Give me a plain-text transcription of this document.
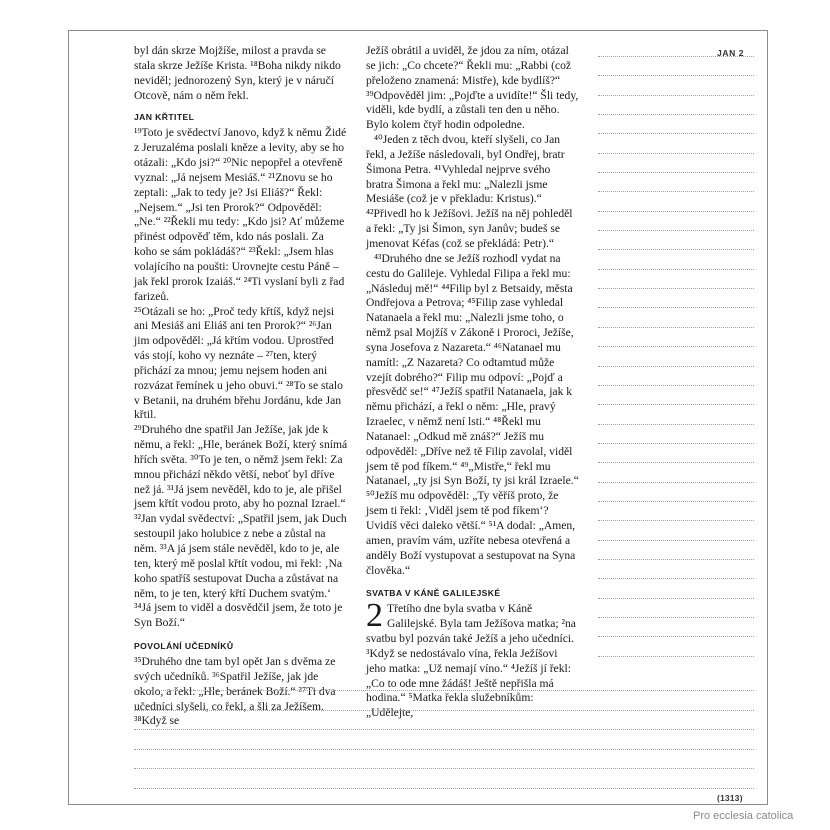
JAN 2

byl dán skrze Mojžíše, milost a pravda se stala skrze Ježíše Krista. ¹⁸Boha nikdy nikdo neviděl; jednorozený Syn, který je v náručí Otcově, nám o něm řekl.

JAN KŘTITEL

¹⁹Toto je svědectví Janovo, když k němu Židé z Jeruzaléma poslali kněze a levity, aby se ho otázali: „Kdo jsi?“ ²⁰Nic nepopřel a otevřeně vyznal: „Já nejsem Mesiáš.“ ²¹Znovu se ho zeptali: „Jak to tedy je? Jsi Eliáš?“ Řekl: „Nejsem.“ „Jsi ten Prorok?“ Odpověděl: „Ne.“ ²²Řekli mu tedy: „Kdo jsi? Ať můžeme přinést odpověď těm, kdo nás poslali. Za koho se sám pokládáš?“ ²³Řekl: „Jsem hlas volajícího na poušti: Urovnejte cestu Páně – jak řekl prorok Izaiáš.“ ²⁴Ti vyslaní byli z řad farizeů.

²⁵Otázali se ho: „Proč tedy křtíš, když nejsi ani Mesiáš ani Eliáš ani ten Prorok?“ ²⁶Jan jim odpověděl: „Já křtím vodou. Uprostřed vás stojí, koho vy neznáte – ²⁷ten, který přichází za mnou; jemu nejsem hoden ani rozvázat řemínek u jeho obuvi.“ ²⁸To se stalo v Betanii, na druhém břehu Jordánu, kde Jan křtil.

²⁹Druhého dne spatřil Jan Ježíše, jak jde k němu, a řekl: „Hle, beránek Boží, který snímá hřích světa. ³⁰To je ten, o němž jsem řekl: Za mnou přichází někdo větší, neboť byl dříve než já. ³¹Já jsem nevěděl, kdo to je, ale přišel jsem křtít vodou proto, aby ho poznal Izrael.“ ³²Jan vydal svědectví: „Spatřil jsem, jak Duch sestoupil jako holubice z nebe a zůstal na něm. ³³A já jsem stále nevěděl, kdo to je, ale ten, který mě poslal křtít vodou, mi řekl: ‚Na koho spatříš sestupovat Ducha a zůstávat na něm, to je ten, který křtí Duchem svatým.‘ ³⁴Já jsem to viděl a dosvědčil jsem, že toto je Syn Boží.“

POVOLÁNÍ UČEDNÍKŮ

³⁵Druhého dne tam byl opět Jan s dvěma ze svých učedníků. ³⁶Spatřil Ježíše, jak jde okolo, a řekl: „Hle, beránek Boží.“ ³⁷Ti dva učedníci slyšeli, co řekl, a šli za Ježíšem. ³⁸Když se

Ježíš obrátil a uviděl, že jdou za ním, otázal se jich: „Co chcete?“ Řekli mu: „Rabbi (což přeloženo znamená: Mistře), kde bydlíš?“ ³⁹Odpověděl jim: „Pojďte a uvidíte!“ Šli tedy, viděli, kde bydlí, a zůstali ten den u něho. Bylo kolem čtyř hodin odpoledne.

⁴⁰Jeden z těch dvou, kteří slyšeli, co Jan řekl, a Ježíše následovali, byl Ondřej, bratr Šimona Petra. ⁴¹Vyhledal nejprve svého bratra Šimona a řekl mu: „Nalezli jsme Mesiáše (což je v překladu: Kristus).“ ⁴²Přivedl ho k Ježíšovi. Ježíš na něj pohleděl a řekl: „Ty jsi Šimon, syn Janův; budeš se jmenovat Kéfas (což se překládá: Petr).“

⁴³Druhého dne se Ježíš rozhodl vydat na cestu do Galileje. Vyhledal Filipa a řekl mu: „Následuj mě!“ ⁴⁴Filip byl z Betsaidy, města Ondřejova a Petrova; ⁴⁵Filip zase vyhledal Natanaela a řekl mu: „Nalezli jsme toho, o němž psal Mojžíš v Zákoně i Proroci, Ježíše, syna Josefova z Nazareta.“ ⁴⁶Natanael mu namítl: „Z Nazareta? Co odtamtud může vzejít dobrého?“ Filip mu odpoví: „Pojď a přesvědč se!“ ⁴⁷Ježíš spatřil Natanaela, jak k němu přichází, a řekl o něm: „Hle, pravý Izraelec, v němž není lsti.“ ⁴⁸Řekl mu Natanael: „Odkud mě znáš?“ Ježíš mu odpověděl: „Dříve než tě Filip zavolal, viděl jsem tě pod fíkem.“ ⁴⁹„Mistře,“ řekl mu Natanael, „ty jsi Syn Boží, ty jsi král Izraele.“ ⁵⁰Ježíš mu odpověděl: „Ty věříš proto, že jsem ti řekl: ‚Viděl jsem tě pod fíkem‘? Uvidíš věci daleko větší.“ ⁵¹A dodal: „Amen, amen, pravím vám, uzříte nebesa otevřená a anděly Boží vystupovat a sestupovat na Syna člověka.“

SVATBA V KÁNĚ GALILEJSKÉ
2 Třetího dne byla svatba v Káně Galilejské. Byla tam Ježíšova matka; ²na svatbu byl pozván také Ježíš a jeho učedníci. ³Když se nedostávalo vína, řekla Ježíšovi jeho matka: „Už nemají víno.“ ⁴Ježíš jí řekl: „Co to ode mne žádáš! Ještě nepřišla má hodina.“ ⁵Matka řekla služebníkům: „Udělejte,

(1313)
Pro ecclesia catolica
